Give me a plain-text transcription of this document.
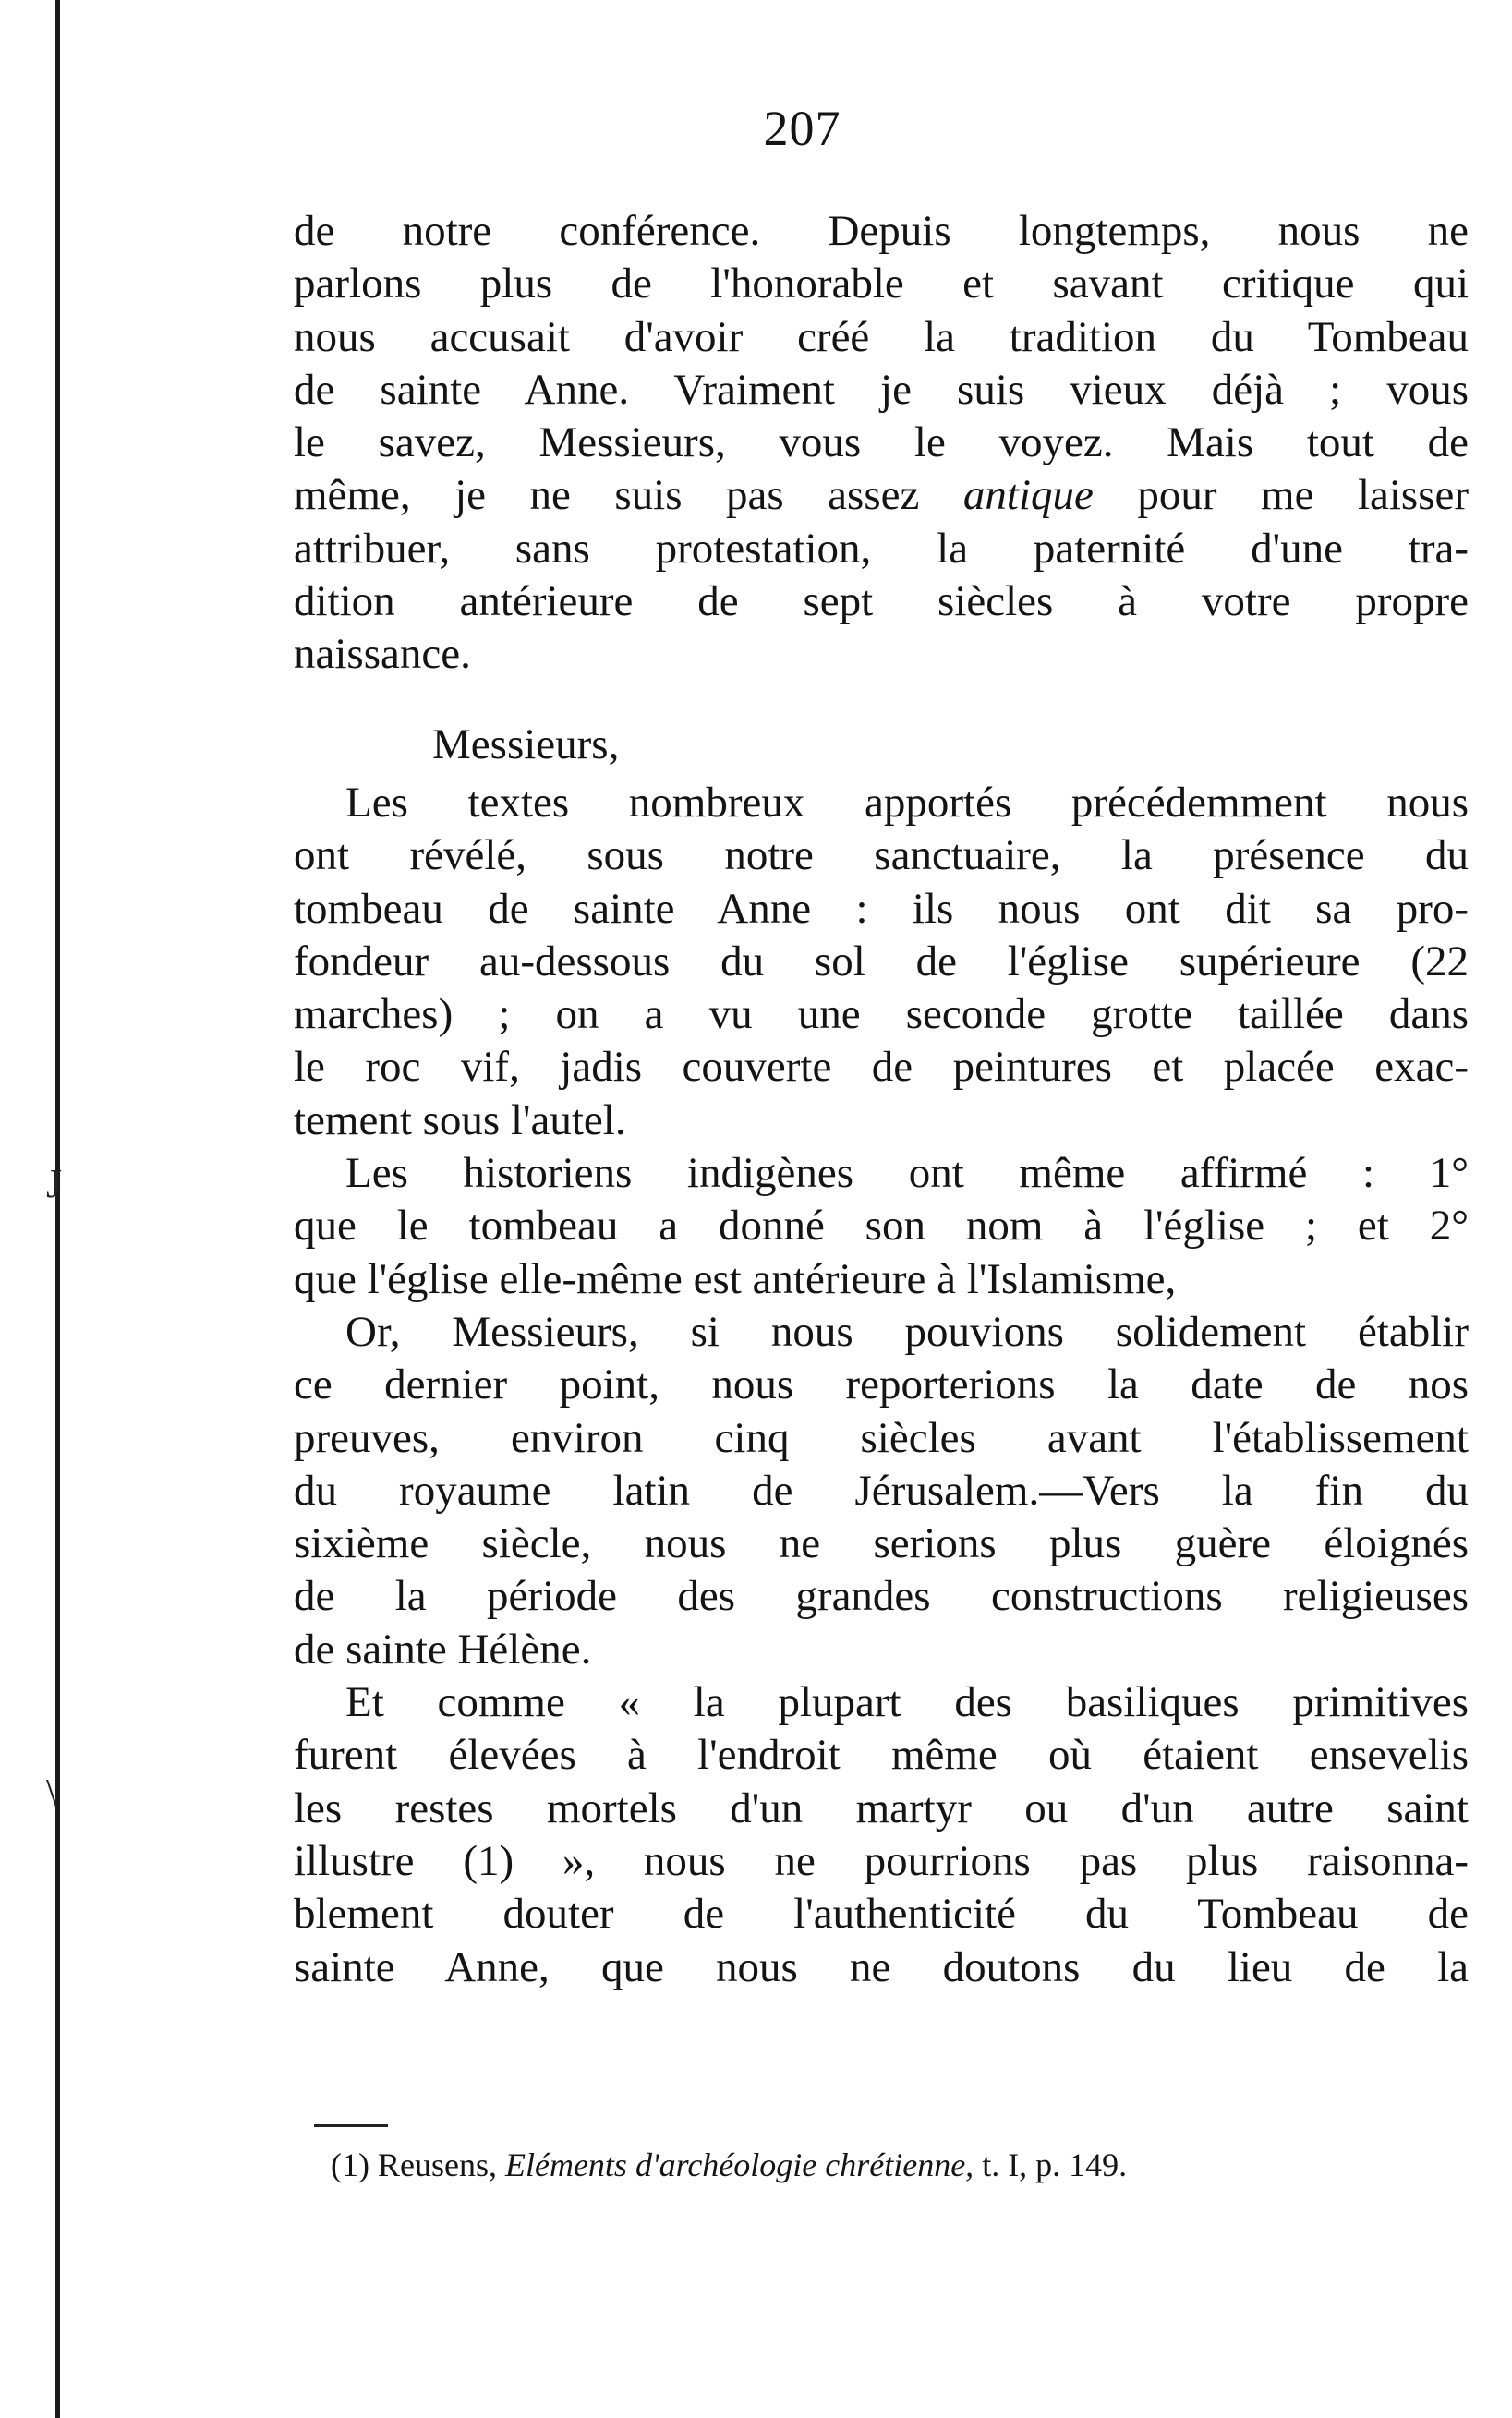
J
\
207

de notre conférence. Depuis longtemps, nous ne
parlons plus de l'honorable et savant critique qui
nous accusait d'avoir créé la tradition du Tombeau
de sainte Anne. Vraiment je suis vieux déjà ; vous
le savez, Messieurs, vous le voyez. Mais tout de
même, je ne suis pas assez antique pour me laisser
attribuer, sans protestation, la paternité d'une tra-
dition antérieure de sept siècles à votre propre
naissance.

Messieurs,

Les textes nombreux apportés précédemment nous
ont révélé, sous notre sanctuaire, la présence du
tombeau de sainte Anne : ils nous ont dit sa pro-
fondeur au-dessous du sol de l'église supérieure (22
marches) ; on a vu une seconde grotte taillée dans
le roc vif, jadis couverte de peintures et placée exac-
tement sous l'autel.

Les historiens indigènes ont même affirmé : 1°
que le tombeau a donné son nom à l'église ; et 2°
que l'église elle-même est antérieure à l'Islamisme,

Or, Messieurs, si nous pouvions solidement établir
ce dernier point, nous reporterions la date de nos
preuves, environ cinq siècles avant l'établissement
du royaume latin de Jérusalem.—Vers la fin du
sixième siècle, nous ne serions plus guère éloignés
de la période des grandes constructions religieuses
de sainte Hélène.

Et comme « la plupart des basiliques primitives
furent élevées à l'endroit même où étaient ensevelis
les restes mortels d'un martyr ou d'un autre saint
illustre (1) », nous ne pourrions pas plus raisonna-
blement douter de l'authenticité du Tombeau de
sainte Anne, que nous ne doutons du lieu de la

(1) Reusens, Eléments d'archéologie chrétienne, t. I, p. 149.
